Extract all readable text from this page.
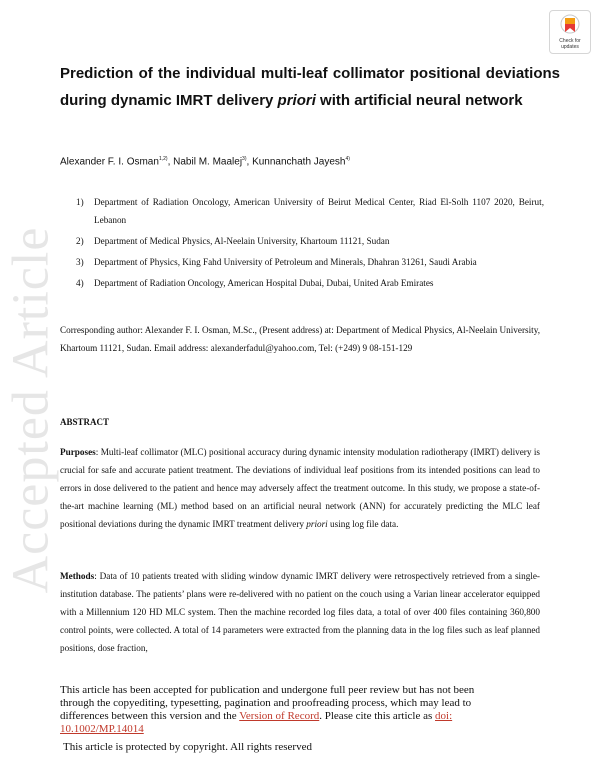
Accepted Article
Check for
updates
Prediction of the individual multi-leaf collimator positional deviations during dynamic IMRT delivery priori with artificial neural network
Alexander F. I. Osman$^{1,2)}$, Nabil M. Maalej$^{3)}$, Kunnanchath Jayesh$^{4)}$
1) Department of Radiation Oncology, American University of Beirut Medical Center, Riad El-Solh 1107 2020, Beirut, Lebanon
2) Department of Medical Physics, Al-Neelain University, Khartoum 11121, Sudan
3) Department of Physics, King Fahd University of Petroleum and Minerals, Dhahran 31261, Saudi Arabia
4) Department of Radiation Oncology, American Hospital Dubai, Dubai, United Arab Emirates

Corresponding author: Alexander F. I. Osman, M.Sc., (Present address) at: Department of Medical Physics, Al-Neelain University, Khartoum 11121, Sudan. Email address: alexanderfadul@yahoo.com, Tel: (+249) 9 08-151-129

ABSTRACT

Purposes: Multi-leaf collimator (MLC) positional accuracy during dynamic intensity modulation radiotherapy (IMRT) delivery is crucial for safe and accurate patient treatment. The deviations of individual leaf positions from its intended positions can lead to errors in dose delivered to the patient and hence may adversely affect the treatment outcome. In this study, we propose a state-of-the-art machine learning (ML) method based on an artificial neural network (ANN) for accurately predicting the MLC leaf positional deviations during the dynamic IMRT treatment delivery priori using log file data.

Methods: Data of 10 patients treated with sliding window dynamic IMRT delivery were retrospectively retrieved from a single-institution database. The patients’ plans were re-delivered with no patient on the couch using a Varian linear accelerator equipped with a Millennium 120 HD MLC system. Then the machine recorded log files data, a total of over 400 files containing 360,800 control points, were collected. A total of 14 parameters were extracted from the planning data in the log files such as leaf planned positions, dose fraction,

This article has been accepted for publication and undergone full peer review but has not been through the copyediting, typesetting, pagination and proofreading process, which may lead to differences between this version and the Version of Record. Please cite this article as doi: 10.1002/MP.14014
This article is protected by copyright. All rights reserved
